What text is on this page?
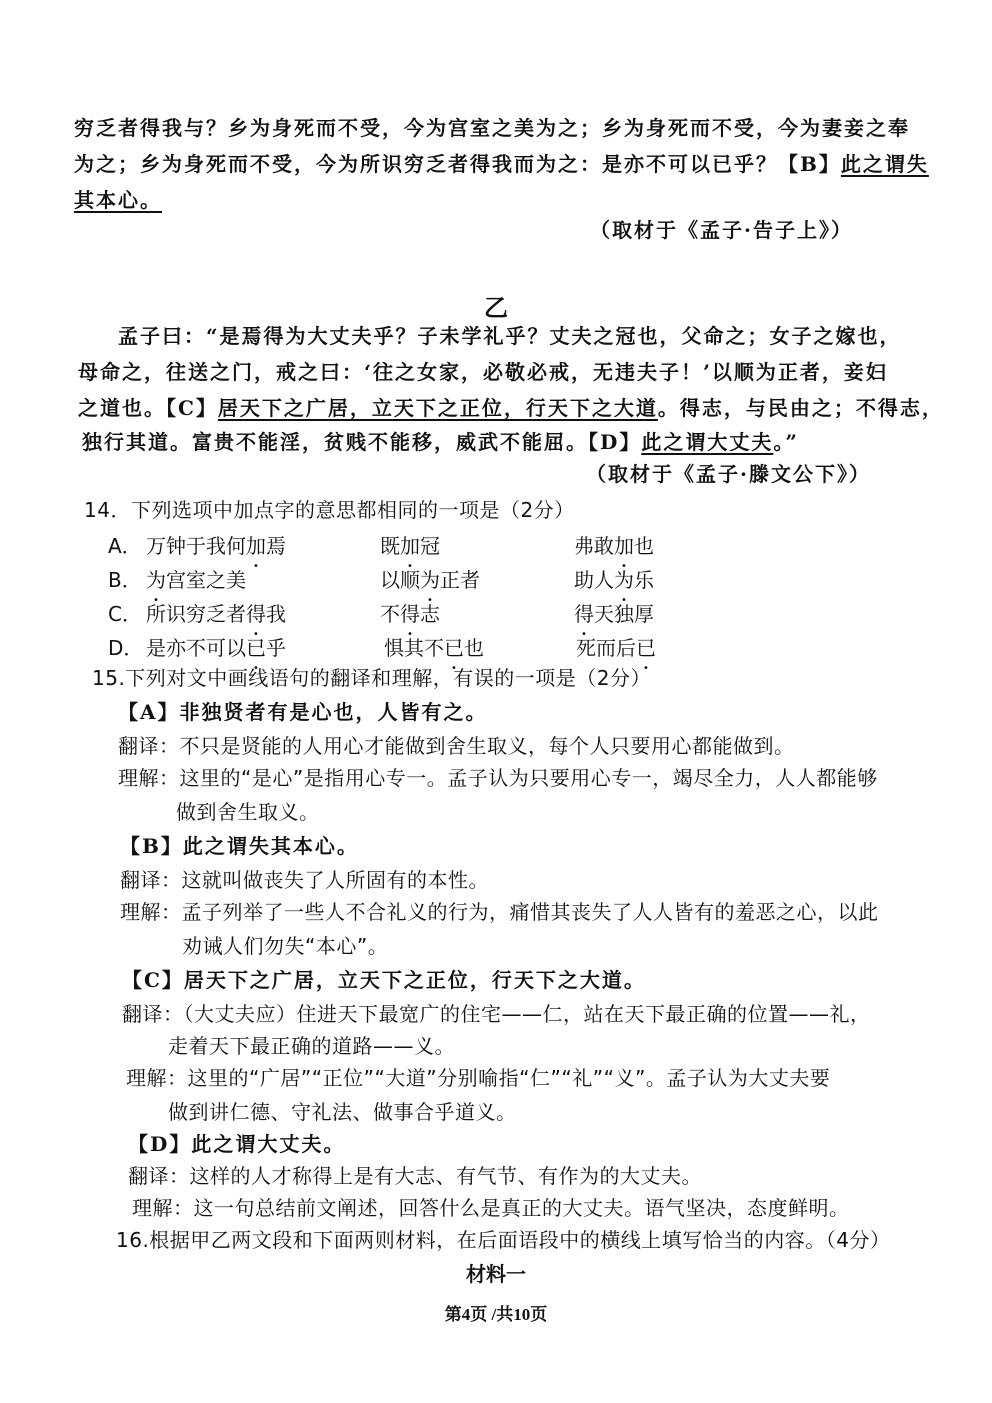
穷乏者得我与？乡为身死而不受，今为宫室之美为之；乡为身死而不受，今为妻妾之奉
为之；乡为身死而不受，今为所识穷乏者得我而为之：是亦不可以已乎？【B】此之谓失
其本心。
（取材于《孟子·告子上》）
乙
孟子曰：“是焉得为大丈夫乎？子未学礼乎？丈夫之冠也，父命之；女子之嫁也，
母命之，往送之门，戒之曰：‘往之女家，必敬必戒，无违夫子！’以顺为正者，妾妇
之道也。【C】居天下之广居，立天下之正位，行天下之大道。得志，与民由之；不得志，
独行其道。富贵不能淫，贫贱不能移，威武不能屈。【D】此之谓大丈夫。”
（取材于《孟子·滕文公下》）
14．下列选项中加点字的意思都相同的一项是（2分）
A． 万钟于我何加焉	既加冠	弗敢加也
B． 为宫室之美	以顺为正者	助人为乐
C． 所识穷乏者得我	不得志	得天独厚
D． 是亦不可以已乎	惧其不已也	死而后已
15.下列对文中画线语句的翻译和理解，有误的一项是（2分）
【A】非独贤者有是心也，人皆有之。
翻译：不只是贤能的人用心才能做到舍生取义，每个人只要用心都能做到。
理解：这里的“是心”是指用心专一。孟子认为只要用心专一，竭尽全力，人人都能够
做到舍生取义。
【B】此之谓失其本心。
翻译：这就叫做丧失了人所固有的本性。
理解：孟子列举了一些人不合礼义的行为，痛惜其丧失了人人皆有的羞恶之心，以此
劝诫人们勿失“本心”。
【C】居天下之广居，立天下之正位，行天下之大道。
翻译：（大丈夫应）住进天下最宽广的住宅——仁，站在天下最正确的位置——礼，
走着天下最正确的道路——义。
理解：这里的“广居”“正位”“大道”分别喻指“仁”“礼”“义”。孟子认为大丈夫要
做到讲仁德、守礼法、做事合乎道义。
【D】此之谓大丈夫。
翻译：这样的人才称得上是有大志、有气节、有作为的大丈夫。
理解：这一句总结前文阐述，回答什么是真正的大丈夫。语气坚决，态度鲜明。
16.根据甲乙两文段和下面两则材料，在后面语段中的横线上填写恰当的内容。（4分）
材料一
第4页 /共10页
